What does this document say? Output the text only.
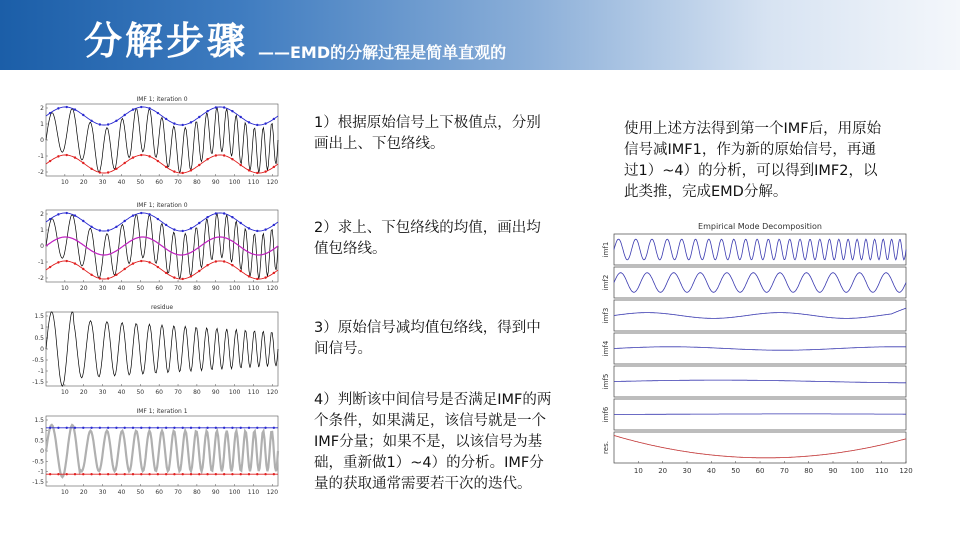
分解步骤 ——EMD的分解过程是简单直观的
IMF 1; iteration 0
2
1
0
-1
-2
10 20 30 40 50 60 70 80 90 100 110 120
IMF 1; iteration 0
2
1
0
-1
-2
10 20 30 40 50 60 70 80 90 100 110 120
residue
1.5
1
0.5
0
-0.5
-1
-1.5
10 20 30 40 50 60 70 80 90 100 110 120
IMF 1; iteration 1
1.5
1
0.5
0
-0.5
-1
-1.5
10 20 30 40 50 60 70 80 90 100 110 120
1）根据原始信号上下极值点，分别画出上、下包络线。
2）求上、下包络线的均值，画出均值包络线。
3）原始信号减均值包络线，得到中间信号。
4）判断该中间信号是否满足IMF的两个条件，如果满足，该信号就是一个IMF分量；如果不是，以该信号为基础，重新做1）~4）的分析。IMF分量的获取通常需要若干次的迭代。
使用上述方法得到第一个IMF后，用原始信号减IMF1，作为新的原始信号，再通过1）~4）的分析，可以得到IMF2，以此类推，完成EMD分解。
Empirical Mode Decomposition
imf1
imf2
imf3
imf4
imf5
imf6
res.
10 20 30 40 50 60 70 80 90 100 110 120
